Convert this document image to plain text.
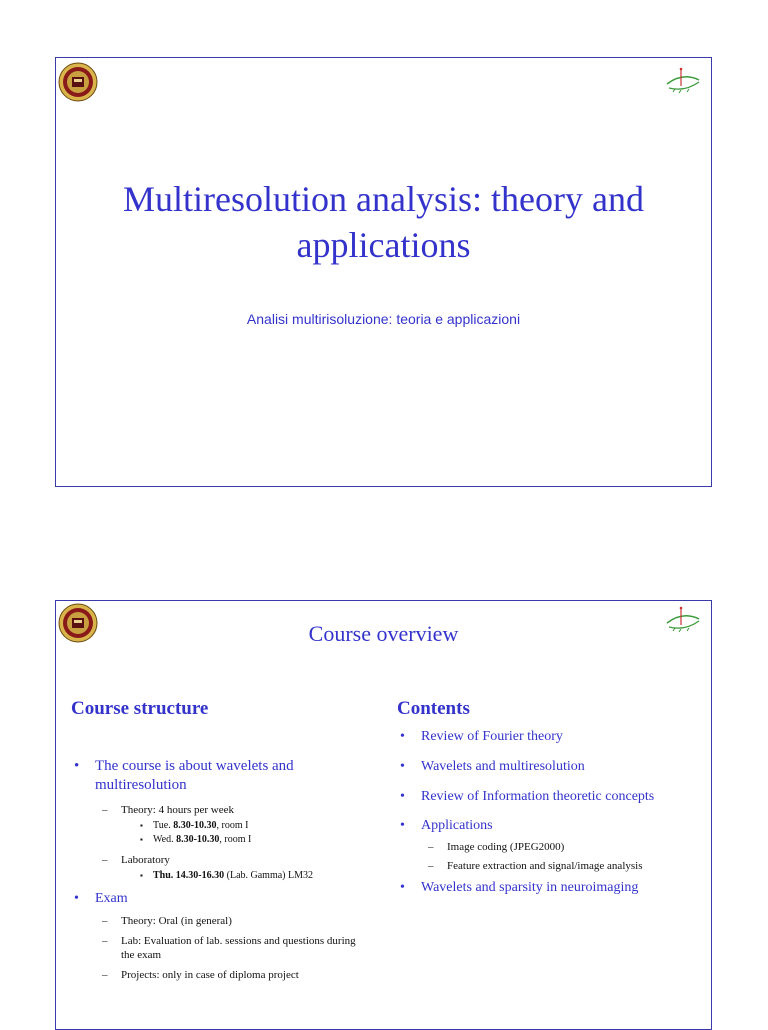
Multiresolution analysis: theory and
applications
Analisi multirisoluzione: teoria e applicazioni
Course overview
Course structure	Contents
• The course is about wavelets and multiresolution
– Theory: 4 hours per week
▪ Tue. 8.30-10.30, room I
▪ Wed. 8.30-10.30, room I
– Laboratory
▪ Thu. 14.30-16.30 (Lab. Gamma) LM32
• Exam
– Theory: Oral (in general)
– Lab: Evaluation of lab. sessions and questions during the exam
– Projects: only in case of diploma project
• Review of Fourier theory
• Wavelets and multiresolution
• Review of Information theoretic concepts
• Applications
– Image coding (JPEG2000)
– Feature extraction and signal/image analysis
• Wavelets and sparsity in neuroimaging
